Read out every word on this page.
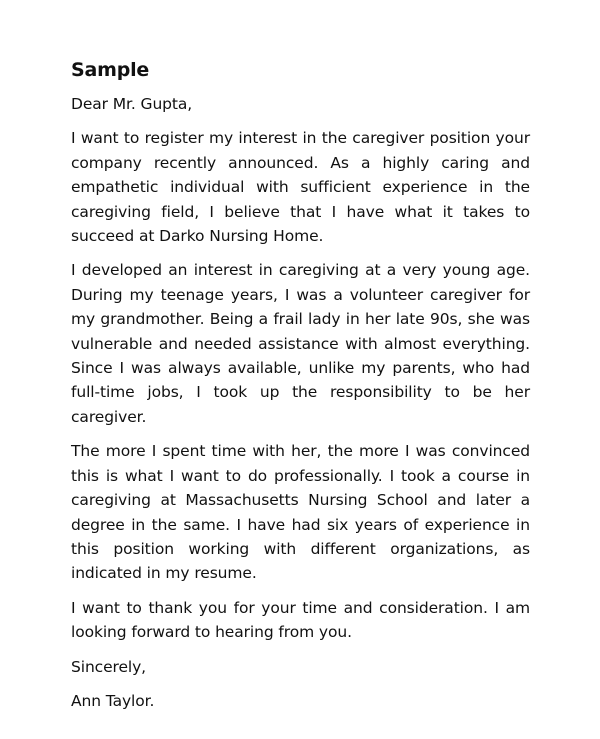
Sample

Dear Mr. Gupta,

I want to register my interest in the caregiver position your company recently announced. As a highly caring and empathetic individual with sufficient experience in the caregiving field, I believe that I have what it takes to succeed at Darko Nursing Home.

I developed an interest in caregiving at a very young age. During my teenage years, I was a volunteer caregiver for my grandmother. Being a frail lady in her late 90s, she was vulnerable and needed assistance with almost everything. Since I was always available, unlike my parents, who had full-time jobs, I took up the responsibility to be her caregiver.

The more I spent time with her, the more I was convinced this is what I want to do professionally. I took a course in caregiving at Massachusetts Nursing School and later a degree in the same. I have had six years of experience in this position working with different organizations, as indicated in my resume.

I want to thank you for your time and consideration. I am looking forward to hearing from you.

Sincerely,

Ann Taylor.
